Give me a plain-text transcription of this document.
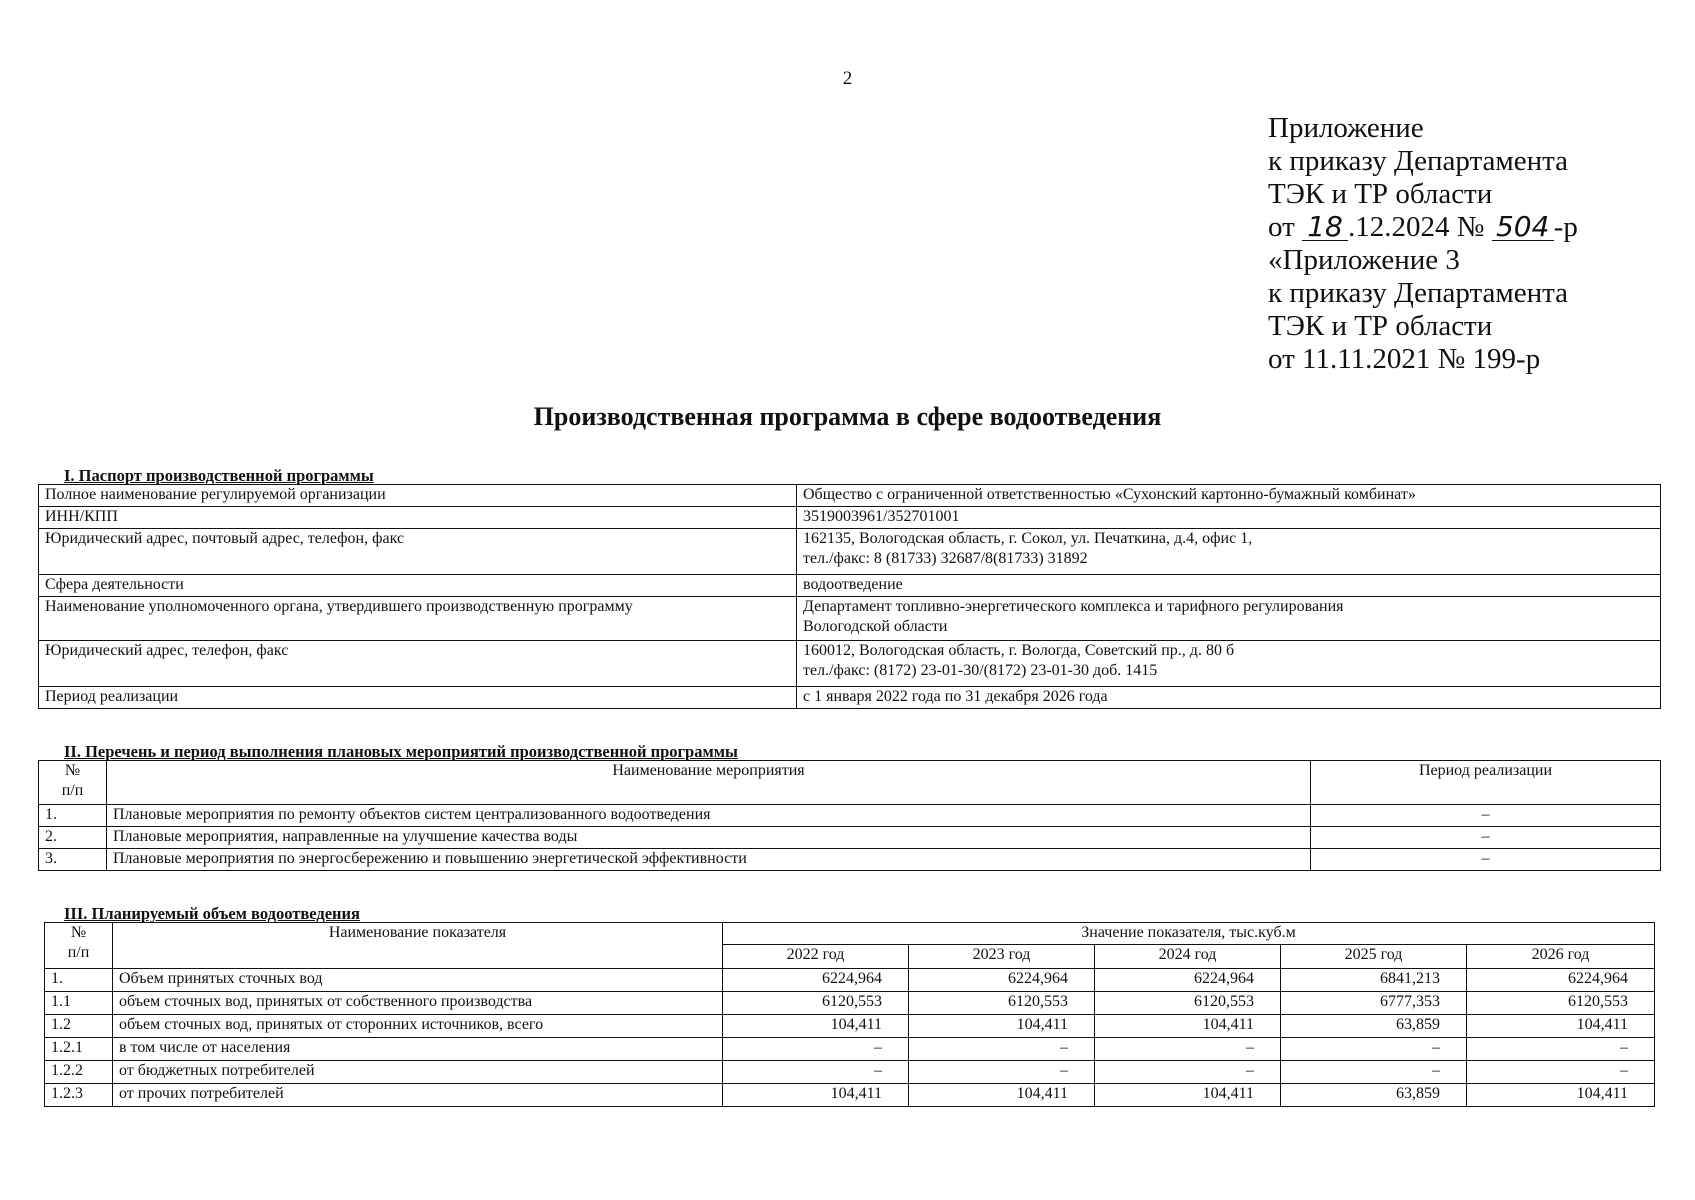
2
Приложение
к приказу Департамента
ТЭК и ТР области
от 18 .12.2024 № 504 -р
«Приложение 3
к приказу Департамента
ТЭК и ТР области
от 11.11.2021 № 199-р
Производственная программа в сфере водоотведения
I. Паспорт производственной программы
Полное наименование регулируемой организации	Общество с ограниченной ответственностью «Сухонский картонно-бумажный комбинат»
ИНН/КПП	3519003961/352701001
Юридический адрес, почтовый адрес, телефон, факс	162135, Вологодская область, г. Сокол, ул. Печаткина, д.4, офис 1,
тел./факс: 8 (81733) 32687/8(81733) 31892

Сфера деятельности	водоотведение
Наименование уполномоченного органа, утвердившего производственную программу	Департамент топливно-энергетического комплекса и тарифного регулирования
Вологодской области

Юридический адрес, телефон, факс	160012, Вологодская область, г. Вологда, Советский пр., д. 80 б
тел./факс: (8172) 23-01-30/(8172) 23-01-30 доб. 1415

Период реализации	с 1 января 2022 года по 31 декабря 2026 года
II. Перечень и период выполнения плановых мероприятий производственной программы
№
п/п	Наименование мероприятия	Период реализации
1.	Плановые мероприятия по ремонту объектов систем централизованного водоотведения	–
2.	Плановые мероприятия, направленные на улучшение качества воды	–
3.	Плановые мероприятия по энергосбережению и повышению энергетической эффективности	–
III. Планируемый объем водоотведения
№
п/п	Наименование показателя	Значение показателя, тыс.куб.м				
		2022 год	2023 год	2024 год	2025 год	2026 год
1.	Объем принятых сточных вод	6224,964	6224,964	6224,964	6841,213	6224,964
1.1	объем сточных вод, принятых от собственного производства	6120,553	6120,553	6120,553	6777,353	6120,553
1.2	объем сточных вод, принятых от сторонних источников, всего	104,411	104,411	104,411	63,859	104,411
1.2.1	в том числе от населения	–	–	–	–	–
1.2.2	от бюджетных потребителей	–	–	–	–	–
1.2.3	от прочих потребителей	104,411	104,411	104,411	63,859	104,411
